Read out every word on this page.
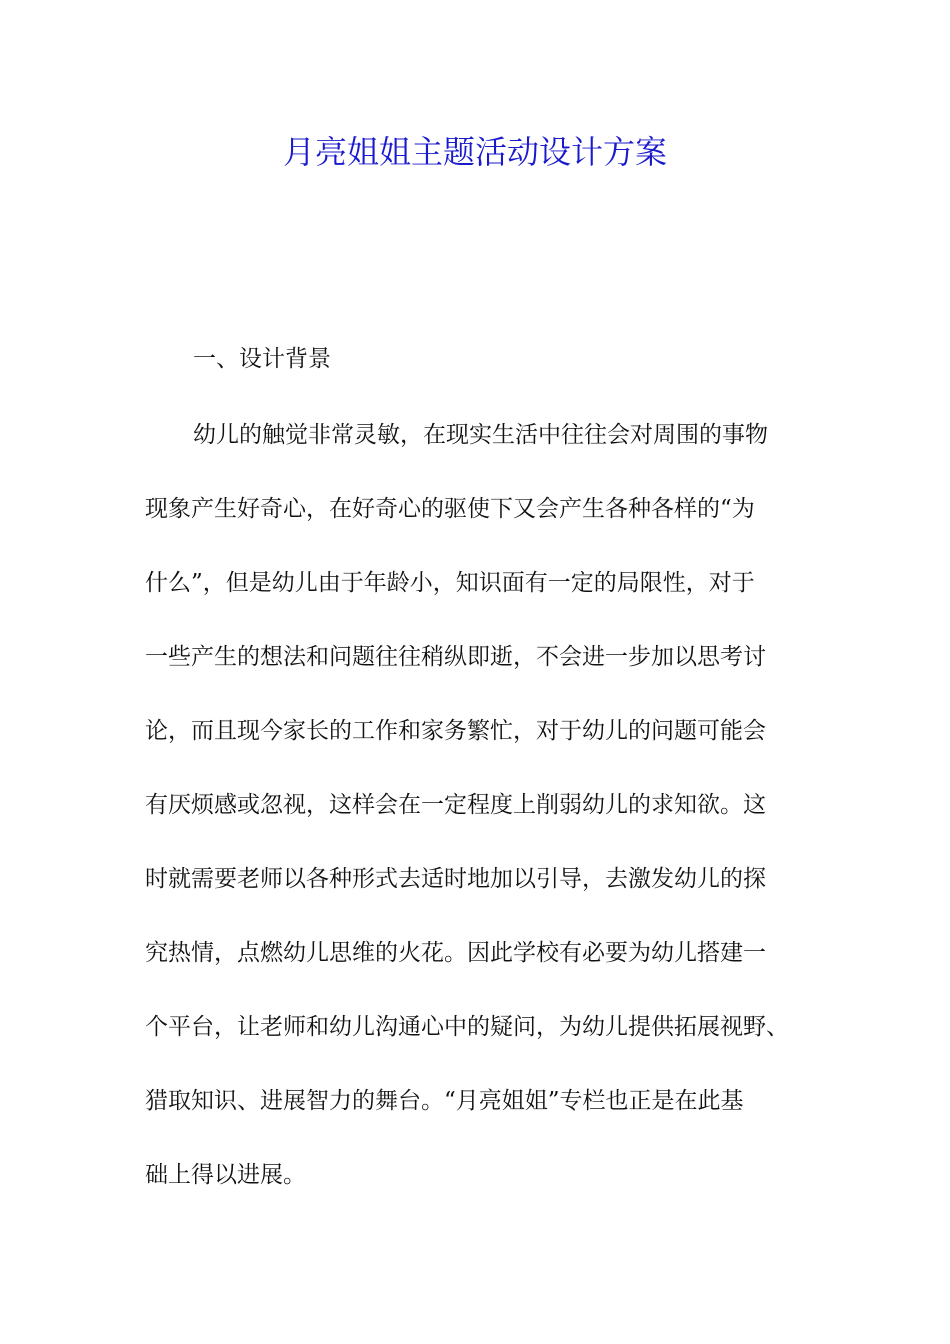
月亮姐姐主题活动设计方案
一、设计背景

幼儿的触觉非常灵敏，在现实生活中往往会对周围的事物

现象产生好奇心，在好奇心的驱使下又会产生各种各样的“为

什么”，但是幼儿由于年龄小，知识面有一定的局限性，对于

一些产生的想法和问题往往稍纵即逝，不会进一步加以思考讨

论，而且现今家长的工作和家务繁忙，对于幼儿的问题可能会

有厌烦感或忽视，这样会在一定程度上削弱幼儿的求知欲。这

时就需要老师以各种形式去适时地加以引导，去激发幼儿的探

究热情，点燃幼儿思维的火花。因此学校有必要为幼儿搭建一

个平台，让老师和幼儿沟通心中的疑问，为幼儿提供拓展视野、

猎取知识、进展智力的舞台。“月亮姐姐”专栏也正是在此基

础上得以进展。
